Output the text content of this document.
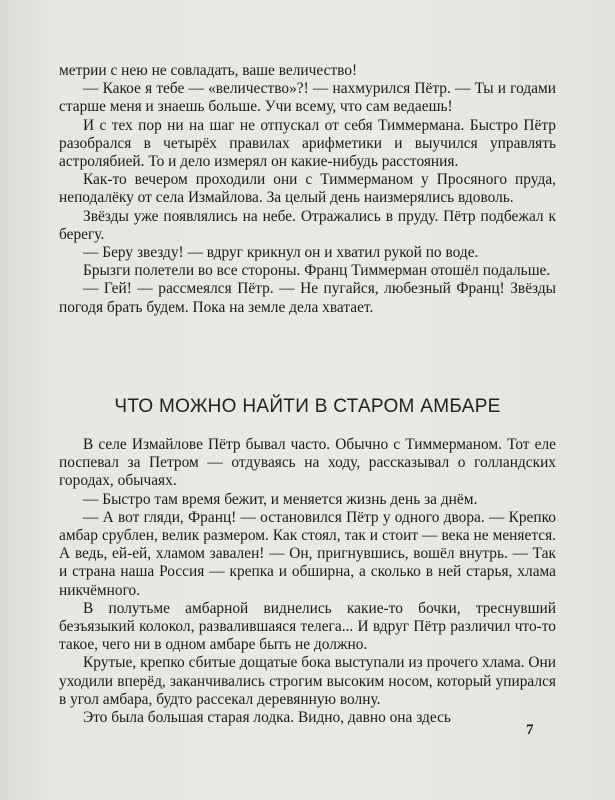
метрии с нею не совладать, ваше величество!

— Какое я тебе — «величество»?! — нахмурился Пётр. — Ты и годами старше меня и знаешь больше. Учи всему, что сам ведаешь!

И с тех пор ни на шаг не отпускал от себя Тиммермана. Быстро Пётр разобрался в четырёх правилах арифметики и выучился управлять астролябией. То и дело измерял он какие-нибудь расстояния.

Как-то вечером проходили они с Тиммерманом у Просяного пруда, неподалёку от села Измайлова. За целый день наизмерялись вдоволь.

Звёзды уже появлялись на небе. Отражались в пруду. Пётр подбежал к берегу.

— Беру звезду! — вдруг крикнул он и хватил рукой по воде.

Брызги полетели во все стороны. Франц Тиммерман отошёл подальше.

— Гей! — рассмеялся Пётр. — Не пугайся, любезный Франц! Звёзды погодя брать будем. Пока на земле дела хватает.

ЧТО МОЖНО НАЙТИ В СТАРОМ АМБАРЕ

В селе Измайлове Пётр бывал часто. Обычно с Тиммерманом. Тот еле поспевал за Петром — отдуваясь на ходу, рассказывал о голландских городах, обычаях.

— Быстро там время бежит, и меняется жизнь день за днём.

— А вот гляди, Франц! — остановился Пётр у одного двора. — Крепко амбар срублен, велик размером. Как стоял, так и стоит — века не меняется. А ведь, ей-ей, хламом завален! — Он, пригнувшись, вошёл внутрь. — Так и страна наша Россия — крепка и обширна, а сколько в ней старья, хлама никчёмного.

В полутьме амбарной виднелись какие-то бочки, треснувший безъязыкий колокол, развалившаяся телега... И вдруг Пётр различил что-то такое, чего ни в одном амбаре быть не должно.

Крутые, крепко сбитые дощатые бока выступали из прочего хлама. Они уходили вперёд, заканчивались строгим высоким носом, который упирался в угол амбара, будто рассекал деревянную волну.

Это была большая старая лодка. Видно, давно она здесь

7
